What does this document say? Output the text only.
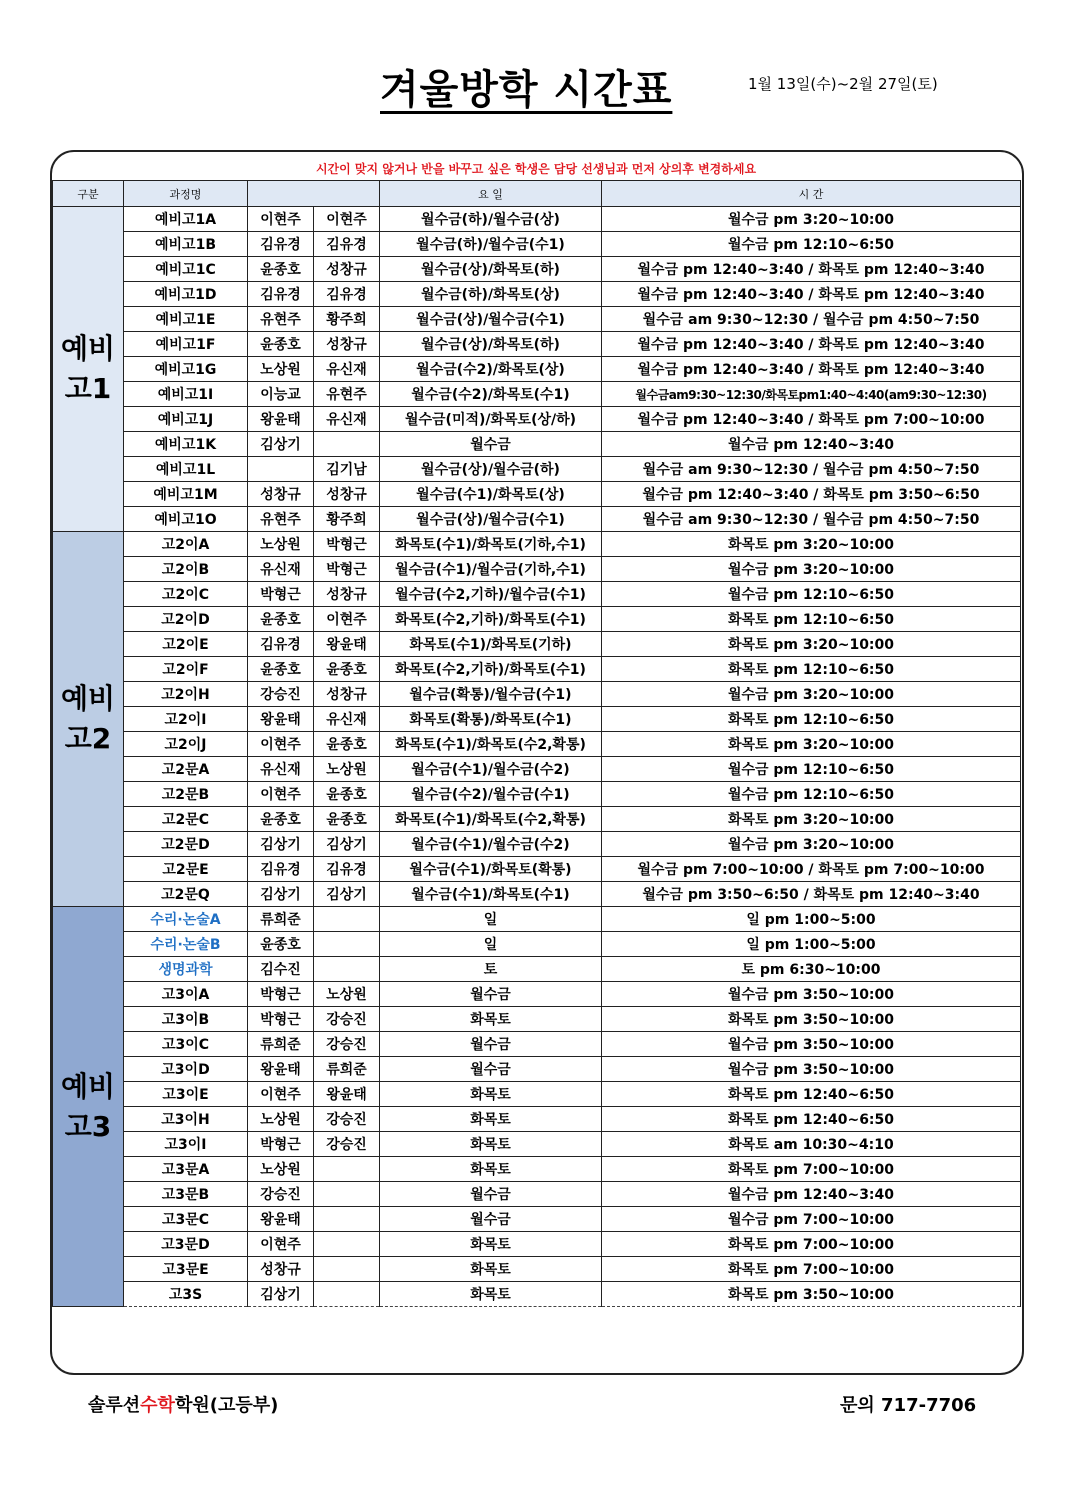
겨울방학 시간표	1월 13일(수)~2월 27일(토)
시간이 맞지 않거나 반을 바꾸고 싶은 학생은 담당 선생님과 먼저 상의후 변경하세요
구분	과정명			요 일	시 간
예비
고1	예비고1A	이현주	이현주	월수금(하)/월수금(상)	월수금 pm 3:20~10:00
	예비고1B	김유경	김유경	월수금(하)/월수금(수1)	월수금 pm 12:10~6:50
	예비고1C	윤종호	성창규	월수금(상)/화목토(하)	월수금 pm 12:40~3:40 / 화목토 pm 12:40~3:40
	예비고1D	김유경	김유경	월수금(하)/화목토(상)	월수금 pm 12:40~3:40 / 화목토 pm 12:40~3:40
	예비고1E	유현주	황주희	월수금(상)/월수금(수1)	월수금 am 9:30~12:30 / 월수금 pm 4:50~7:50
	예비고1F	윤종호	성창규	월수금(상)/화목토(하)	월수금 pm 12:40~3:40 / 화목토 pm 12:40~3:40
	예비고1G	노상원	유신재	월수금(수2)/화목토(상)	월수금 pm 12:40~3:40 / 화목토 pm 12:40~3:40
	예비고1I	이능교	유현주	월수금(수2)/화목토(수1)	월수금am9:30~12:30/화목토pm1:40~4:40(am9:30~12:30)
	예비고1J	왕윤태	유신재	월수금(미적)/화목토(상/하)	월수금 pm 12:40~3:40 / 화목토 pm 7:00~10:00
	예비고1K	김상기		월수금	월수금 pm 12:40~3:40
	예비고1L		김기남	월수금(상)/월수금(하)	월수금 am 9:30~12:30 / 월수금 pm 4:50~7:50
	예비고1M	성창규	성창규	월수금(수1)/화목토(상)	월수금 pm 12:40~3:40 / 화목토 pm 3:50~6:50
	예비고1O	유현주	황주희	월수금(상)/월수금(수1)	월수금 am 9:30~12:30 / 월수금 pm 4:50~7:50
예비
고2	고2이A	노상원	박형근	화목토(수1)/화목토(기하,수1)	화목토 pm 3:20~10:00
	고2이B	유신재	박형근	월수금(수1)/월수금(기하,수1)	월수금 pm 3:20~10:00
	고2이C	박형근	성창규	월수금(수2,기하)/월수금(수1)	월수금 pm 12:10~6:50
	고2이D	윤종호	이현주	화목토(수2,기하)/화목토(수1)	화목토 pm 12:10~6:50
	고2이E	김유경	왕윤태	화목토(수1)/화목토(기하)	화목토 pm 3:20~10:00
	고2이F	윤종호	윤종호	화목토(수2,기하)/화목토(수1)	화목토 pm 12:10~6:50
	고2이H	강승진	성창규	월수금(확통)/월수금(수1)	월수금 pm 3:20~10:00
	고2이I	왕윤태	유신재	화목토(확통)/화목토(수1)	화목토 pm 12:10~6:50
	고2이J	이현주	윤종호	화목토(수1)/화목토(수2,확통)	화목토 pm 3:20~10:00
	고2문A	유신재	노상원	월수금(수1)/월수금(수2)	월수금 pm 12:10~6:50
	고2문B	이현주	윤종호	월수금(수2)/월수금(수1)	월수금 pm 12:10~6:50
	고2문C	윤종호	윤종호	화목토(수1)/화목토(수2,확통)	화목토 pm 3:20~10:00
	고2문D	김상기	김상기	월수금(수1)/월수금(수2)	월수금 pm 3:20~10:00
	고2문E	김유경	김유경	월수금(수1)/화목토(확통)	월수금 pm 7:00~10:00 / 화목토 pm 7:00~10:00
	고2문Q	김상기	김상기	월수금(수1)/화목토(수1)	월수금 pm 3:50~6:50 / 화목토 pm 12:40~3:40
예비
고3	수리·논술A	류희준		일	일 pm 1:00~5:00
	수리·논술B	윤종호		일	일 pm 1:00~5:00
	생명과학	김수진		토	토 pm 6:30~10:00
	고3이A	박형근	노상원	월수금	월수금 pm 3:50~10:00
	고3이B	박형근	강승진	화목토	화목토 pm 3:50~10:00
	고3이C	류희준	강승진	월수금	월수금 pm 3:50~10:00
	고3이D	왕윤태	류희준	월수금	월수금 pm 3:50~10:00
	고3이E	이현주	왕윤태	화목토	화목토 pm 12:40~6:50
	고3이H	노상원	강승진	화목토	화목토 pm 12:40~6:50
	고3이I	박형근	강승진	화목토	화목토 am 10:30~4:10
	고3문A	노상원		화목토	화목토 pm 7:00~10:00
	고3문B	강승진		월수금	월수금 pm 12:40~3:40
	고3문C	왕윤태		월수금	월수금 pm 7:00~10:00
	고3문D	이현주		화목토	화목토 pm 7:00~10:00
	고3문E	성창규		화목토	화목토 pm 7:00~10:00
	고3S	김상기		화목토	화목토 pm 3:50~10:00
솔루션수학학원(고등부)	문의 717-7706
